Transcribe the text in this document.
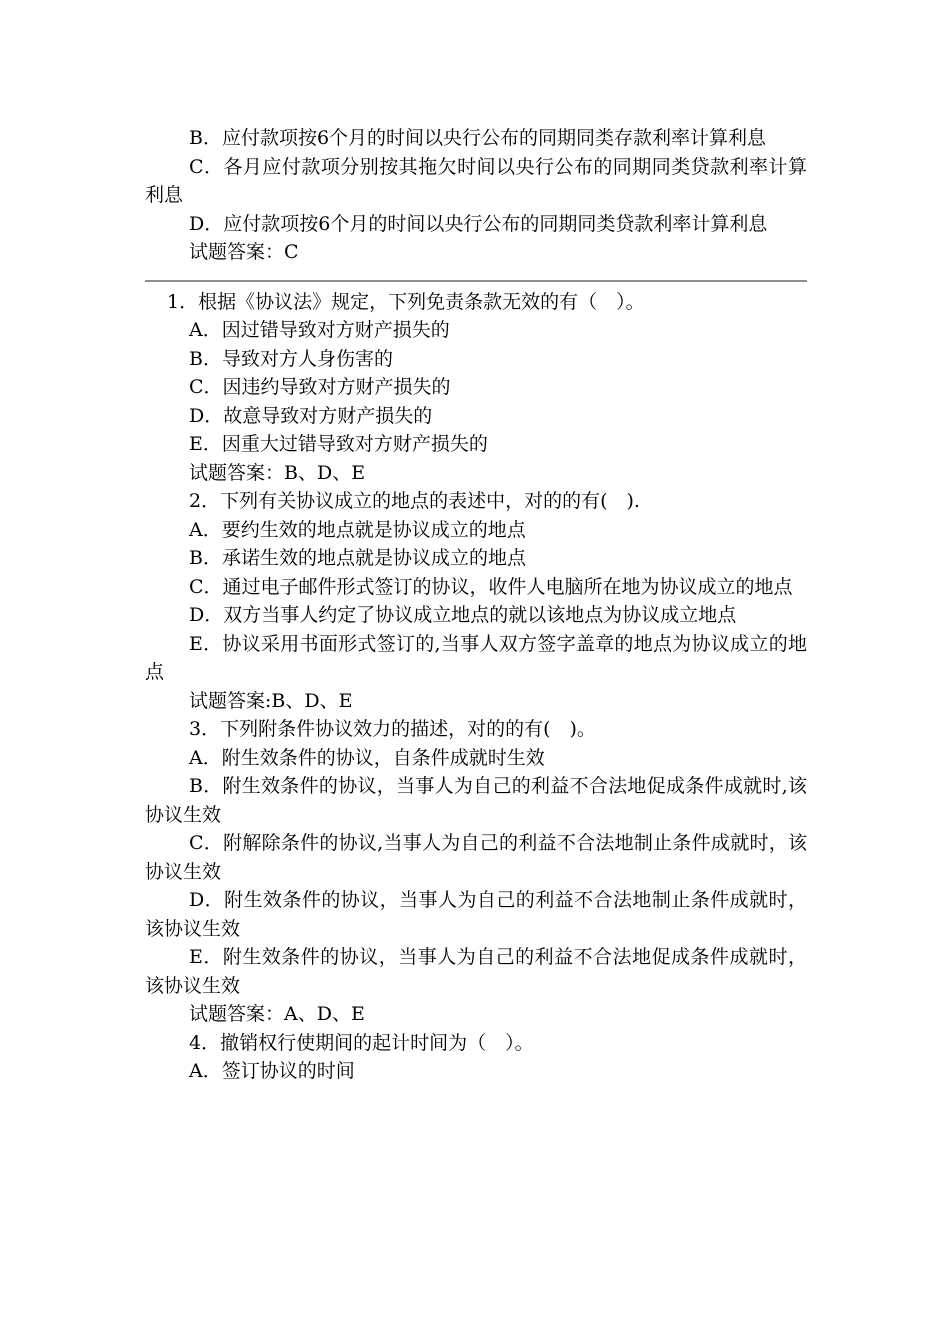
B．应付款项按6个月的时间以央行公布的同期同类存款利率计算利息

C．各月应付款项分别按其拖欠时间以央行公布的同期同类贷款利率计算利息

D．应付款项按6个月的时间以央行公布的同期同类贷款利率计算利息

试题答案：C

1．根据《协议法》规定，下列免责条款无效的有（　）。

A．因过错导致对方财产损失的

B．导致对方人身伤害的

C．因违约导致对方财产损失的

D．故意导致对方财产损失的

E．因重大过错导致对方财产损失的

试题答案：B、D、E

2．下列有关协议成立的地点的表述中，对的的有(　).

A．要约生效的地点就是协议成立的地点

B．承诺生效的地点就是协议成立的地点

C．通过电子邮件形式签订的协议，收件人电脑所在地为协议成立的地点

D．双方当事人约定了协议成立地点的就以该地点为协议成立地点

E．协议采用书面形式签订的,当事人双方签字盖章的地点为协议成立的地点

试题答案:B、D、E

3．下列附条件协议效力的描述，对的的有(　)。

A．附生效条件的协议，自条件成就时生效

B．附生效条件的协议，当事人为自己的利益不合法地促成条件成就时,该协议生效

C．附解除条件的协议,当事人为自己的利益不合法地制止条件成就时，该协议生效

D．附生效条件的协议，当事人为自己的利益不合法地制止条件成就时，该协议生效

E．附生效条件的协议，当事人为自己的利益不合法地促成条件成就时，该协议生效

试题答案：A、D、E

4．撤销权行使期间的起计时间为（　）。

A．签订协议的时间
